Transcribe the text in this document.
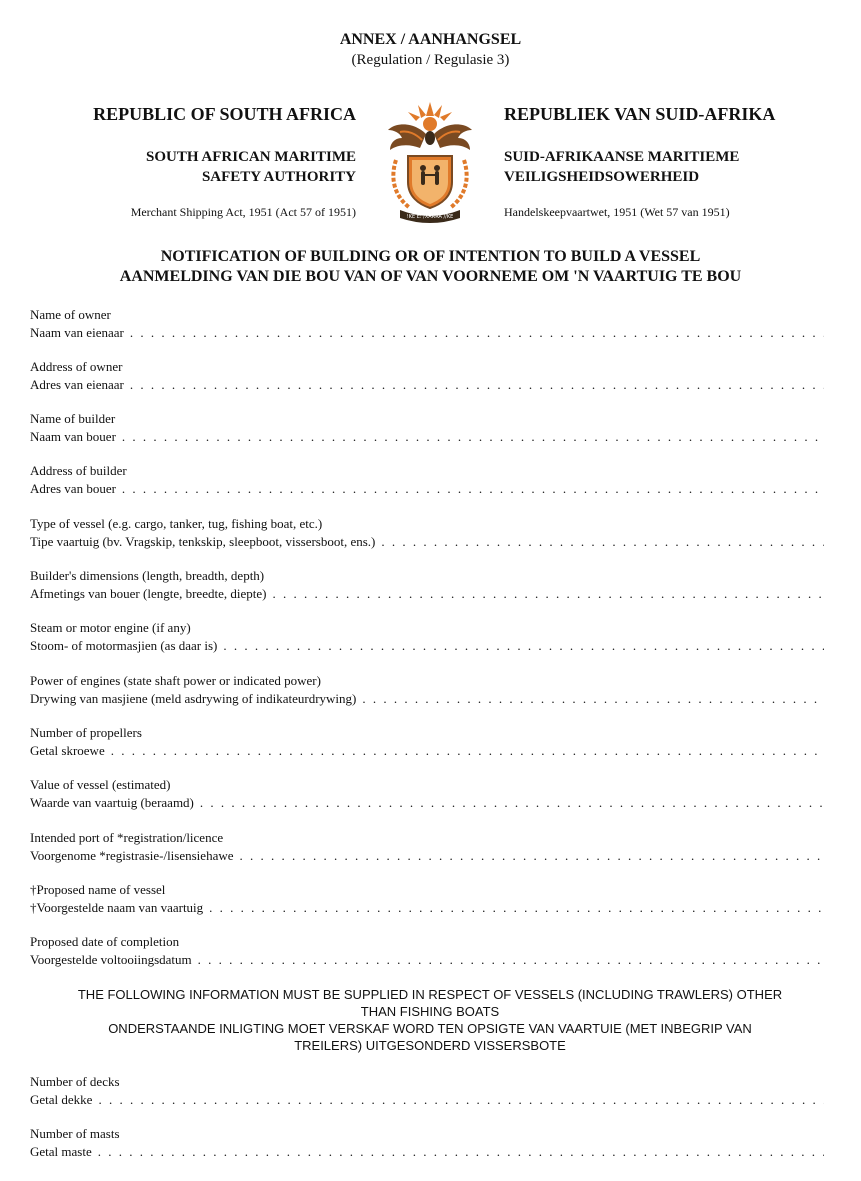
ANNEX / AANHANGSEL
(Regulation / Regulasie 3)
REPUBLIC OF SOUTH AFRICA	REPUBLIEK VAN SUID-AFRIKA
SOUTH AFRICAN MARITIME
SAFETY AUTHORITY
SUID-AFRIKAANSE MARITIEME
VEILIGSHEIDSOWERHEID
Merchant Shipping Act, 1951 (Act 57 of 1951)	Handelskeepvaartwet, 1951 (Wet 57 van 1951)
!KE E: /XARRA //KE
NOTIFICATION OF BUILDING OR OF INTENTION TO BUILD A VESSEL
AANMELDING VAN DIE BOU VAN OF VAN VOORNEME OM 'N VAARTUIG TE BOU
Name of owner
Naam van eienaar
. . .
Address of owner
Adres van eienaar
. . .
Name of builder
Naam van bouer
. . .
Address of builder
Adres van bouer
. . .
Type of vessel (e.g. cargo, tanker, tug, fishing boat, etc.)
Tipe vaartuig (bv. Vragskip, tenkskip, sleepboot, vissersboot, ens.)
. . .
Builder's dimensions (length, breadth, depth)
Afmetings van bouer (lengte, breedte, diepte)
. . .
Steam or motor engine (if any)
Stoom- of motormasjien (as daar is)
. . .
Power of engines (state shaft power or indicated power)
Drywing van masjiene (meld asdrywing of indikateurdrywing)
. . .
Number of propellers
Getal skroewe
. . .
Value of vessel (estimated)
Waarde van vaartuig (beraamd)
. . .
Intended port of *registration/licence
Voorgenome *registrasie-/lisensiehawe
. . .
†Proposed name of vessel
†Voorgestelde naam van vaartuig
. . .
Proposed date of completion
Voorgestelde voltooiingsdatum
. . .
THE FOLLOWING INFORMATION MUST BE SUPPLIED IN RESPECT OF VESSELS (INCLUDING TRAWLERS) OTHER
THAN FISHING BOATS
ONDERSTAANDE INLIGTING MOET VERSKAF WORD TEN OPSIGTE VAN VAARTUIE (MET INBEGRIP VAN
TREILERS) UITGESONDERD VISSERSBOTE
Number of decks
Getal dekke
. . .
Number of masts
Getal maste
. . .
